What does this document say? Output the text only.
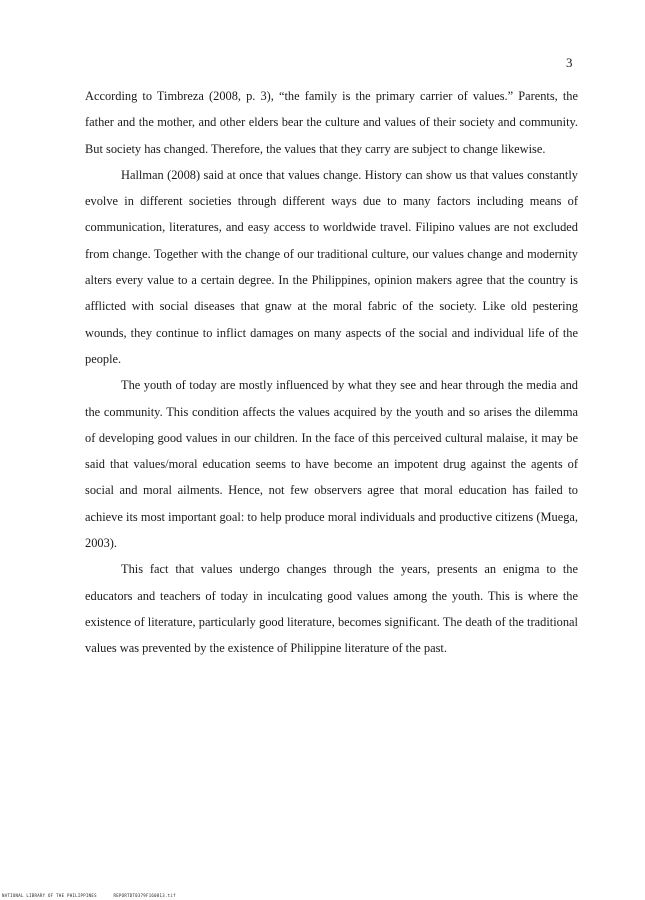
3

According to Timbreza (2008, p. 3), “the family is the primary carrier of values.” Parents, the father and the mother, and other elders bear the culture and values of their society and community. But society has changed. Therefore, the values that they carry are subject to change likewise.

Hallman (2008) said at once that values change. History can show us that values constantly evolve in different societies through different ways due to many factors including means of communication, literatures, and easy access to worldwide travel. Filipino values are not excluded from change. Together with the change of our traditional culture, our values change and modernity alters every value to a certain degree. In the Philippines, opinion makers agree that the country is afflicted with social diseases that gnaw at the moral fabric of the society. Like old pestering wounds, they continue to inflict damages on many aspects of the social and individual life of the people.

The youth of today are mostly influenced by what they see and hear through the media and the community. This condition affects the values acquired by the youth and so arises the dilemma of developing good values in our children. In the face of this perceived cultural malaise, it may be said that values/moral education seems to have become an impotent drug against the agents of social and moral ailments. Hence, not few observers agree that moral education has failed to achieve its most important goal: to help produce moral individuals and productive citizens (Muega, 2003).

This fact that values undergo changes through the years, presents an enigma to the educators and teachers of today in inculcating good values among the youth. This is where the existence of literature, particularly good literature, becomes significant. The death of the traditional values was prevented by the existence of Philippine literature of the past.

NATIONAL LIBRARY OF THE PHILIPPINES	REPORTDT0379F160813.tif
